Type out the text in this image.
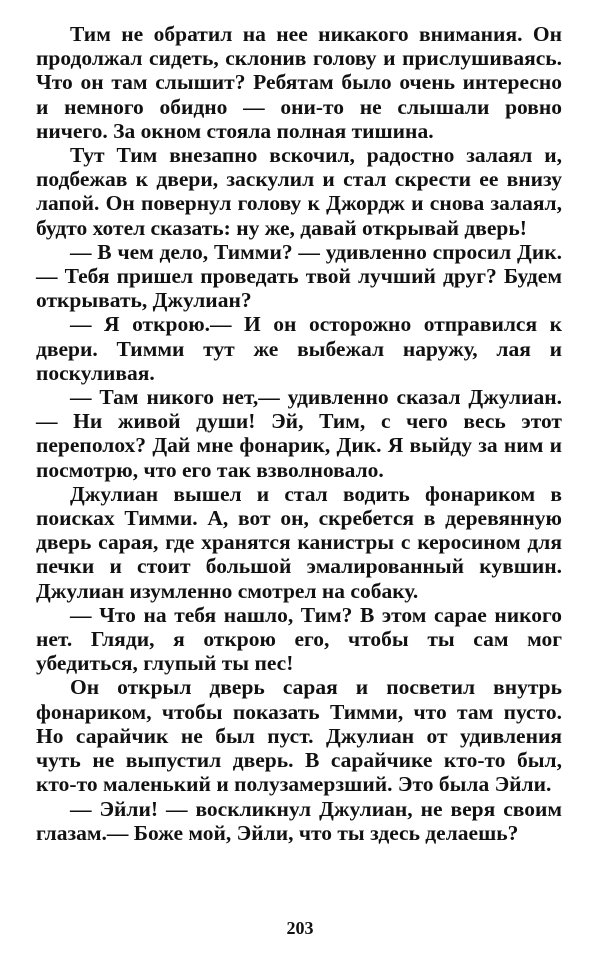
Тим не обратил на нее никакого внимания. Он продолжал сидеть, склонив голову и прислушиваясь. Что он там слышит? Ребятам было очень интересно и немного обидно — они-то не слышали ровно ничего. За окном стояла полная тишина.

Тут Тим внезапно вскочил, радостно залаял и, подбежав к двери, заскулил и стал скрести ее внизу лапой. Он повернул голову к Джордж и снова залаял, будто хотел сказать: ну же, давай открывай дверь!

— В чем дело, Тимми? — удивленно спросил Дик.— Тебя пришел проведать твой лучший друг? Будем открывать, Джулиан?

— Я открою.— И он осторожно отправился к двери. Тимми тут же выбежал наружу, лая и поскуливая.

— Там никого нет,— удивленно сказал Джулиан.— Ни живой души! Эй, Тим, с чего весь этот переполох? Дай мне фонарик, Дик. Я выйду за ним и посмотрю, что его так взволновало.

Джулиан вышел и стал водить фонариком в поисках Тимми. А, вот он, скребется в деревянную дверь сарая, где хранятся канистры с керосином для печки и стоит большой эмалированный кувшин. Джулиан изумленно смотрел на собаку.

— Что на тебя нашло, Тим? В этом сарае никого нет. Гляди, я открою его, чтобы ты сам мог убедиться, глупый ты пес!

Он открыл дверь сарая и посветил внутрь фонариком, чтобы показать Тимми, что там пусто. Но сарайчик не был пуст. Джулиан от удивления чуть не выпустил дверь. В сарайчике кто-то был, кто-то маленький и полузамерзший. Это была Эйли.

— Эйли! — воскликнул Джулиан, не веря своим глазам.— Боже мой, Эйли, что ты здесь делаешь?

203
